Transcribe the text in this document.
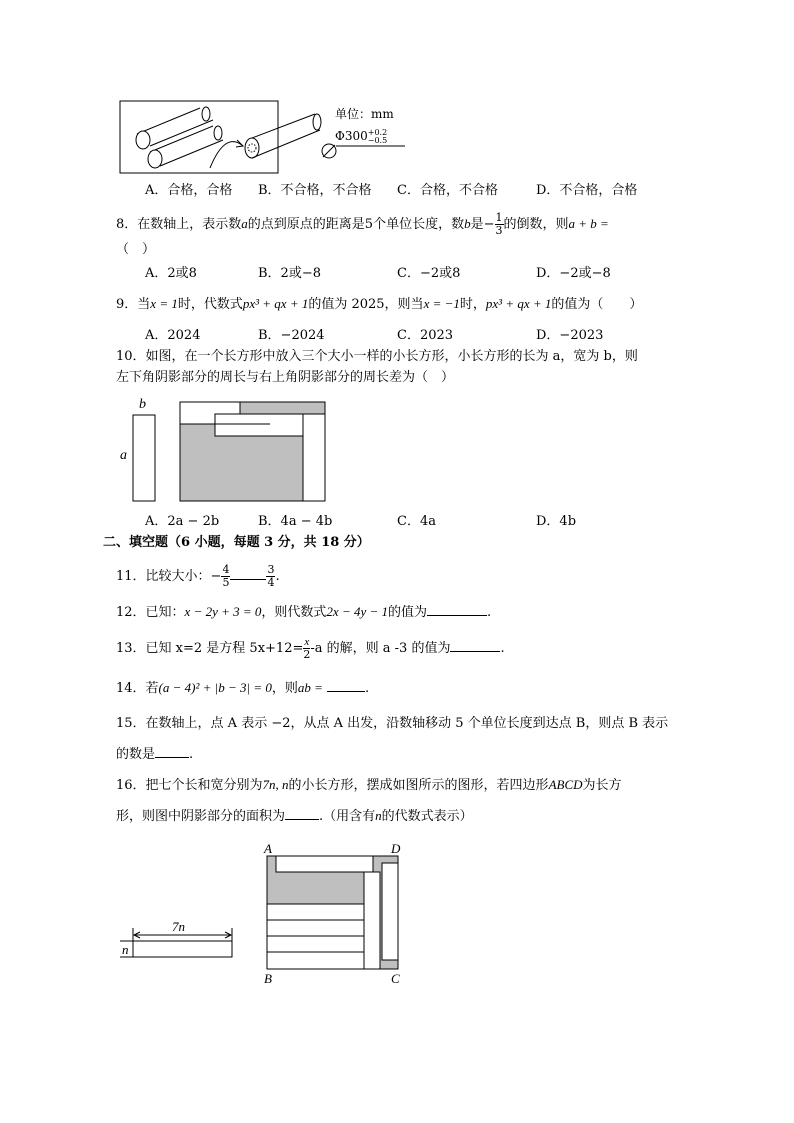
单位：mm
Φ300 +0.2
−0.5
A．合格，合格 B．不合格，不合格 C．合格，不合格	D．不合格，合格
8．在数轴上，表示数a的点到原点的距离是5个单位长度，数b是− $\frac{1}{3}$ 的倒数，则a + b =
（　）
A．2或8	B．2或−8	C．−2或8	D．−2或−8
9．当x = 1时，代数式px³ + qx + 1的值为 2025，则当x = −1时，px³ + qx + 1的值为（　　）
A．2024	B．−2024	C．2023	D．−2023
10．如图，在一个长方形中放入三个大小一样的小长方形，小长方形的长为 a，宽为 b，则
左下角阴影部分的周长与右上角阴影部分的周长差为（　）
b
a
A．2a − 2b	B．4a − 4b	C．4a	D．4b
二、填空题（6 小题，每题 3 分，共 18 分）
11．比较大小：− $\frac{4}{5}$	$\frac{3}{4}$ .
12．已知：x − 2y + 3 = 0，则代数式2x − 4y − 1的值为	.
13．已知 x=2 是方程 $5x+12= \frac{x}{2} -a$ 的解，则 a -3 的值为	.
14．若(a − 4)² + |b − 3| = 0，则ab =	.
15．在数轴上，点 A 表示 −2，从点 A 出发，沿数轴移动 5 个单位长度到达点 B，则点 B 表示
的数是	.
16．把七个长和宽分别为7n, n的小长方形，摆成如图所示的图形，若四边形ABCD为长方
形，则图中阴影部分的面积为	.（用含有n的代数式表示）
7n
n
A	D
B	C
